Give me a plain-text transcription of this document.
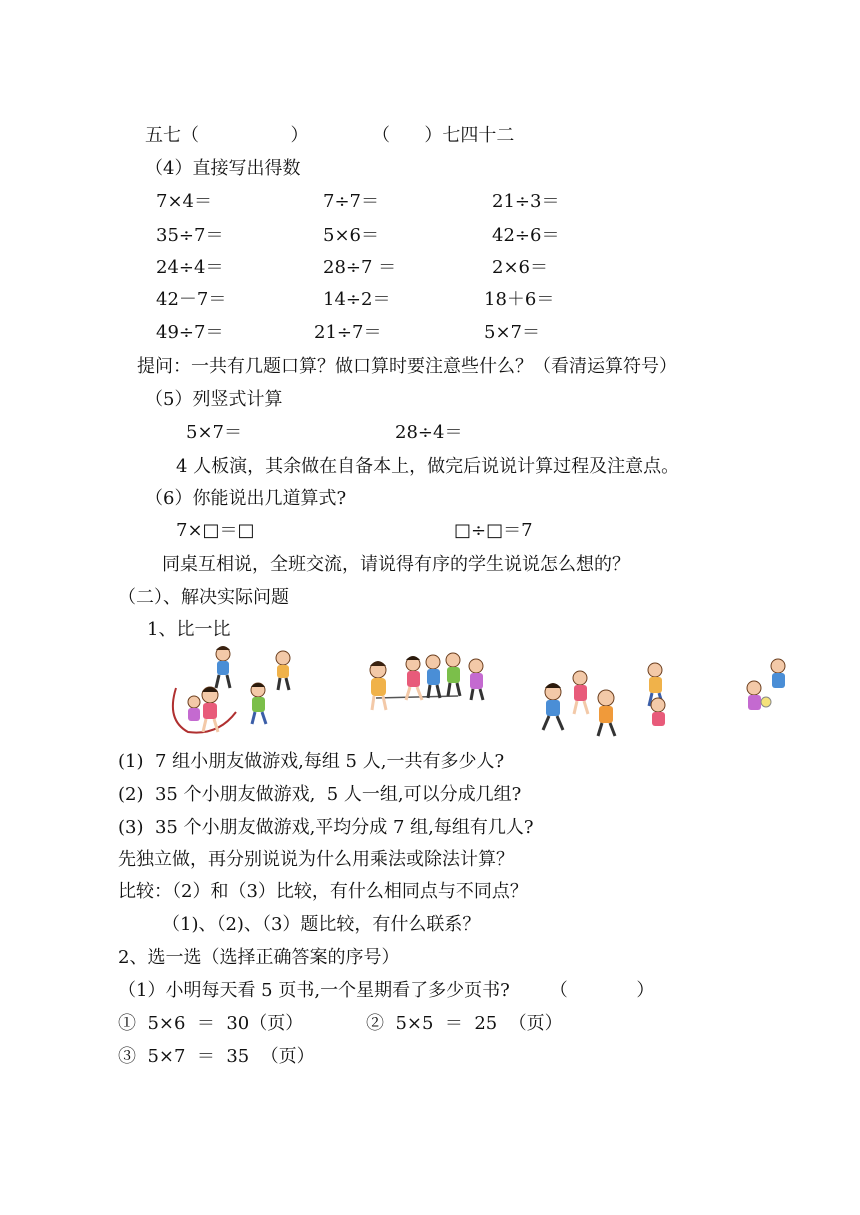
五七（                ）	（      ）七四十二
（4）直接写出得数
7×4＝	7÷7＝	21÷3＝
35÷7＝	5×6＝	42÷6＝
24÷4＝	28÷7 ＝	2×6＝
42－7＝	14÷2＝	18＋6＝
49÷7＝	21÷7＝	5×7＝
提问：一共有几题口算？做口算时要注意些什么？（看清运算符号）
（5）列竖式计算
5×7＝	28÷4＝
4 人板演，其余做在自备本上，做完后说说计算过程及注意点。
（6）你能说出几道算式?
7×□＝□	□÷□＝7
同桌互相说，全班交流，请说得有序的学生说说怎么想的？
（二）、解决实际问题
1、比一比
(1)  7 组小朋友做游戏,每组 5 人,一共有多少人?
(2)  35 个小朋友做游戏,  5 人一组,可以分成几组?
(3)  35 个小朋友做游戏,平均分成 7 组,每组有几人?
先独立做，再分别说说为什么用乘法或除法计算？
比较：（2）和（3）比较，有什么相同点与不同点？
（1)、（2)、（3）题比较，有什么联系？
2、选一选（选择正确答案的序号）
（1）小明每天看 5 页书,一个星期看了多少页书?       （            ）
①  5×6  ＝  30（页）	②  5×5  ＝  25  （页）
③  5×7  ＝  35  （页）
